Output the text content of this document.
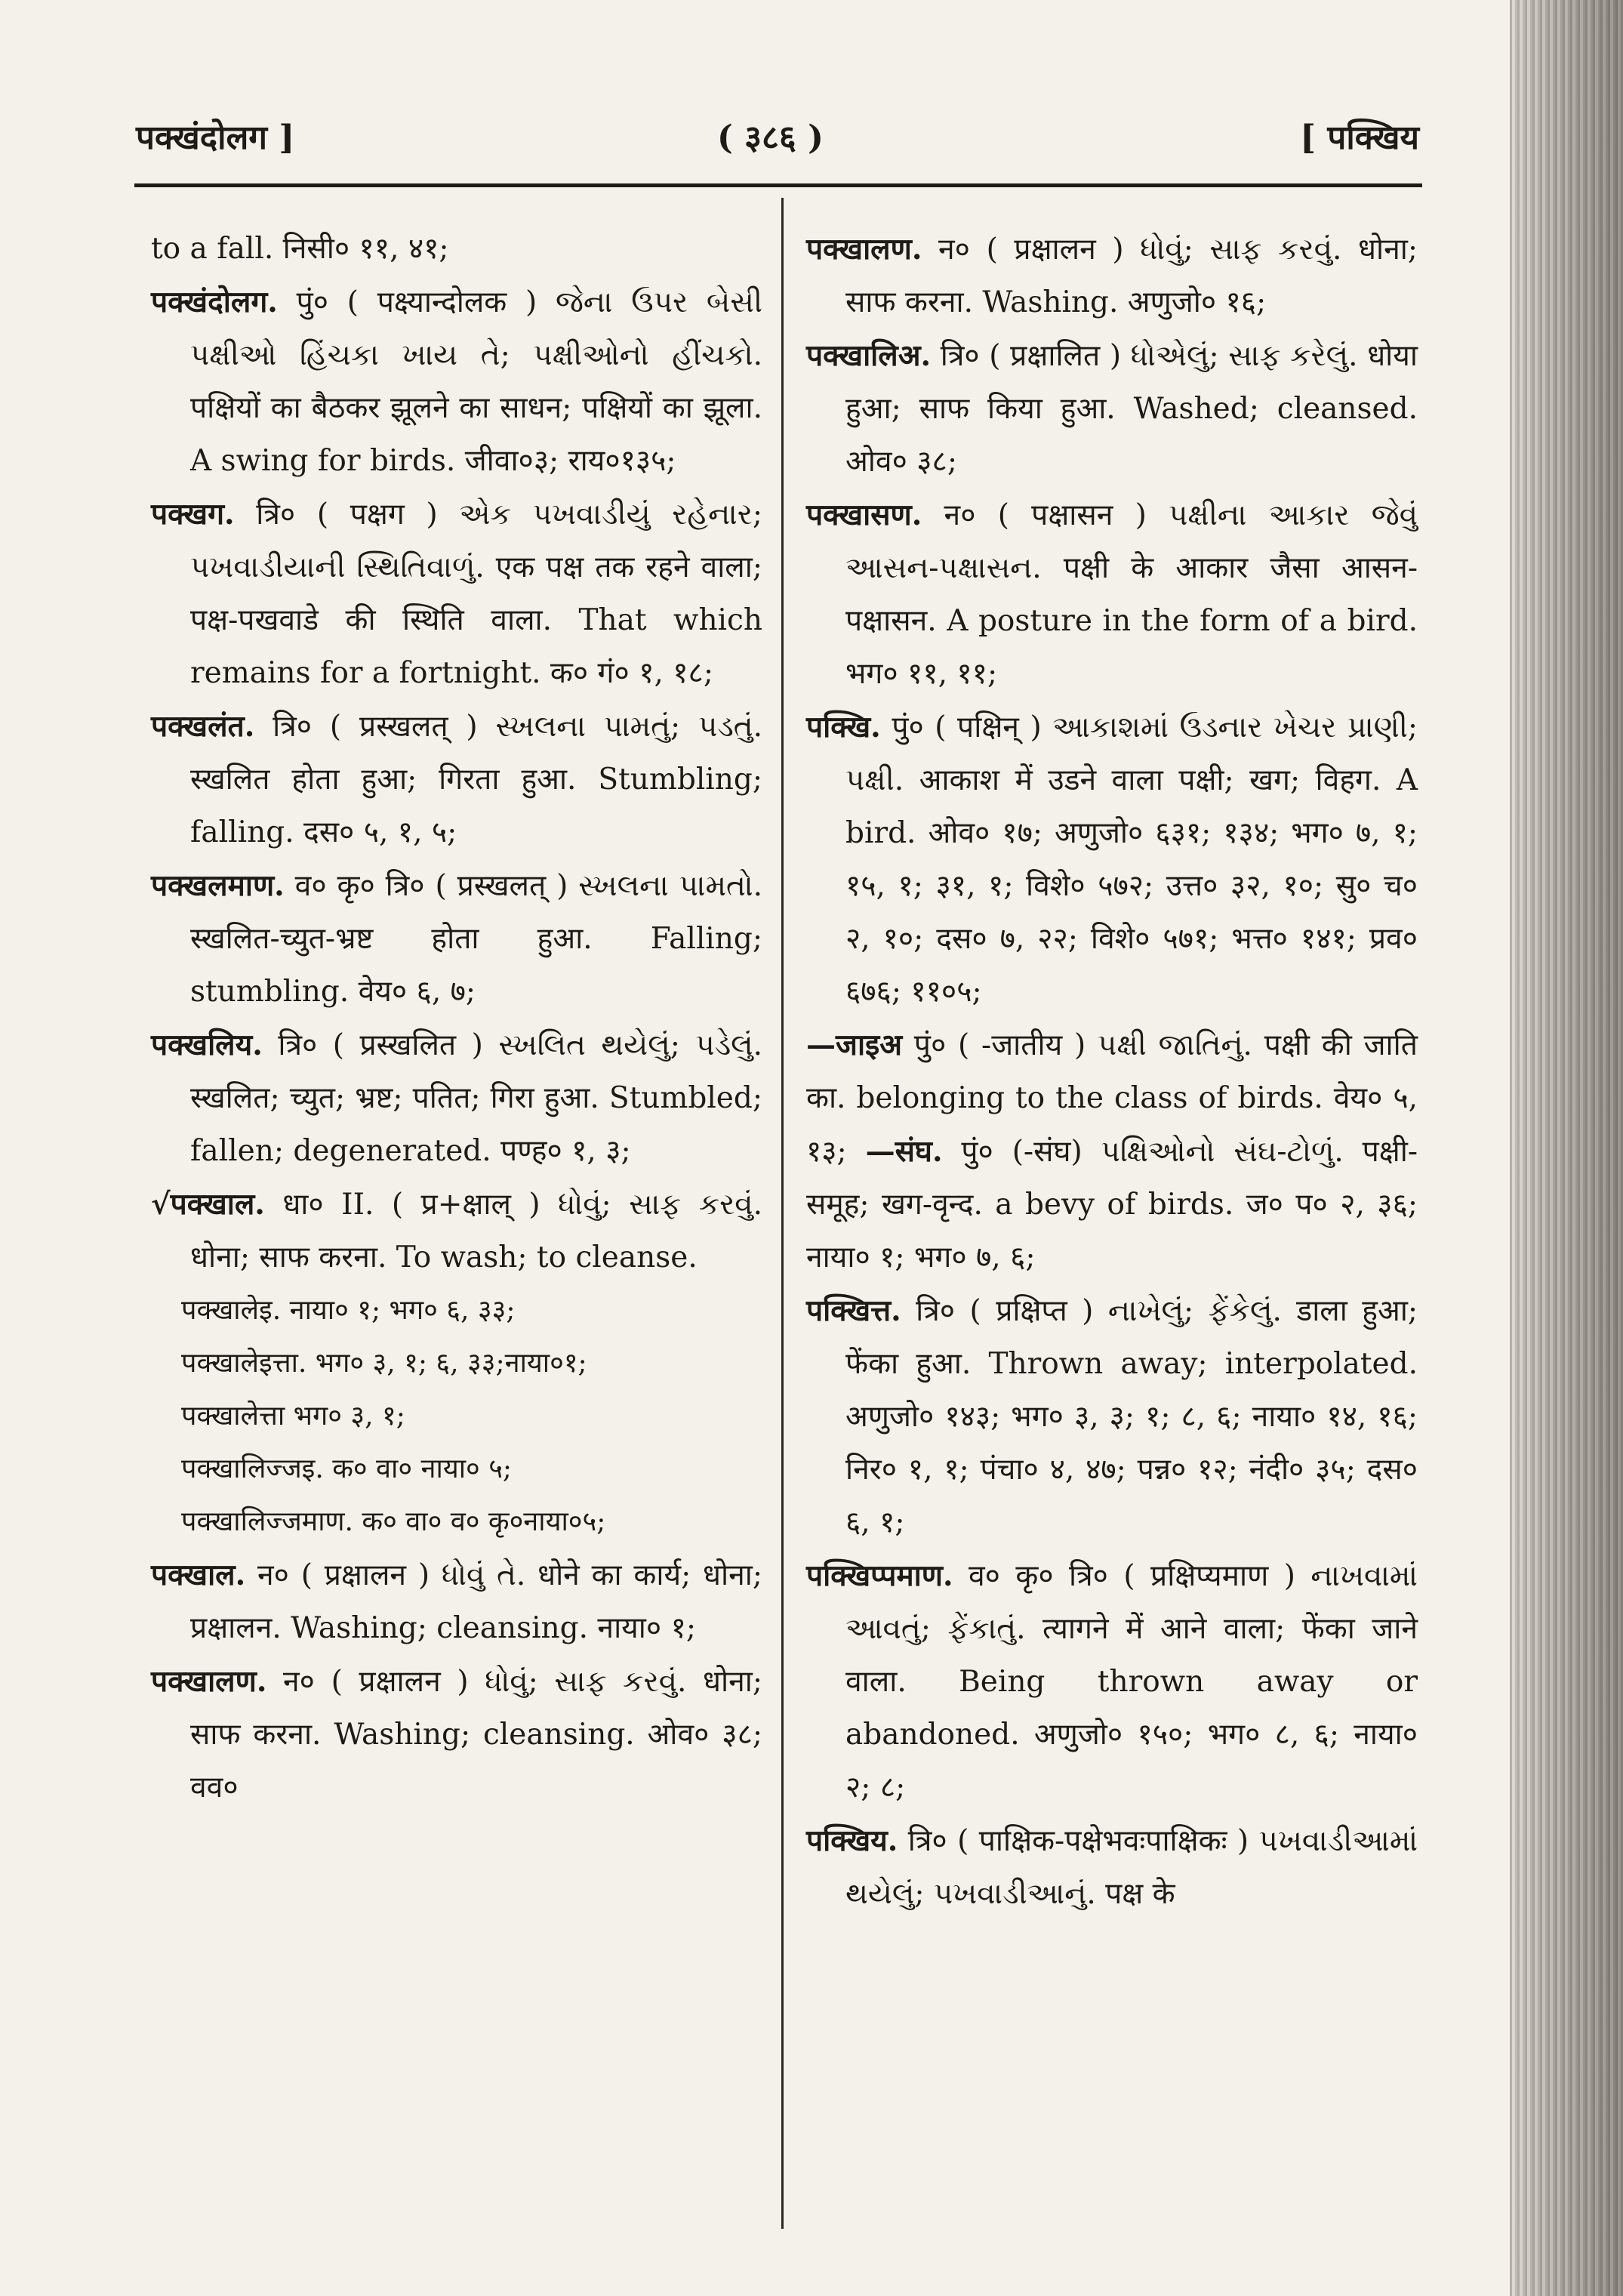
पक्खंदोलग ]	( ३८६ )	[ पक्खिय
to a fall. निसी० ११, ४१;
पक्खंदोलग. पुं० ( पक्ष्यान्दोलक ) જેના ઉપર બેસી પક્ષીઓ હિંચકા ખાય તે; પક્ષીઓનો હીંચકો. पक्षियों का बैठकर झूलने का साधन; पक्षियों का झूला. A swing for birds. जीवा०३; राय०१३५;
पक्खग. त्रि० ( पक्षग ) એક પખવાડીયું રહેનાર; પખવાડીયાની સ્થિતિવાળું. एक पक्ष तक रहने वाला; पक्ष-पखवाडे की स्थिति वाला. That which remains for a fortnight. क० गं० १, १८;
पक्खलंत. त्रि० ( प्रस्खलत् ) સ્ખલના પામતું; પડતું. स्खलित होता हुआ; गिरता हुआ. Stumbling; falling. दस० ५, १, ५;
पक्खलमाण. व० कृ० त्रि० ( प्रस्खलत् ) સ્ખલના પામતો. स्खलित-च्युत-भ्रष्ट होता हुआ. Falling; stumbling. वेय० ६, ७;
पक्खलिय. त्रि० ( प्रस्खलित ) સ્ખલિત થયેલું; પડેલું. स्खलित; च्युत; भ्रष्ट; पतित; गिरा हुआ. Stumbled; fallen; degenerated. पण्ह० १, ३;
√पक्खाल. धा० II. ( प्र+क्षाल् ) ધોવું; સાફ કરવું. धोना; साफ करना. To wash; to cleanse.
पक्खालेइ. नाया० १; भग० ६, ३३;
पक्खालेइत्ता. भग० ३, १; ६, ३३;नाया०१;
पक्खालेत्ता भग० ३, १;
पक्खालिज्जइ. क० वा० नाया० ५;
पक्खालिज्जमाण. क० वा० व० कृ०नाया०५;
पक्खाल. न० ( प्रक्षालन ) ધોવું તે. धोने का कार्य; धोना; प्रक्षालन. Washing; cleansing. नाया० १;
पक्खालण. न० ( प्रक्षालन ) ધોવું; સાફ કરવું. धोना; साफ करना. Washing; cleansing. ओव० ३८; वव०
पक्खालण. न० ( प्रक्षालन ) ધોવું; સાફ કરવું. धोना; साफ करना. Washing. अणुजो० १६;
पक्खालिअ. त्रि० ( प्रक्षालित ) ધોએલું; સાફ કરેલું. धोया हुआ; साफ किया हुआ. Washed; cleansed. ओव० ३८;
पक्खासण. न० ( पक्षासन ) પક્ષીના આકાર જેવું આસન-પક્ષાસન. पक्षी के आकार जैसा आसन-पक्षासन. A posture in the form of a bird. भग० ११, ११;
पक्खि. पुं० ( पक्षिन् ) આકાશમાં ઉડનાર ખેચર પ્રાણી; પક્ષી. आकाश में उडने वाला पक्षी; खग; विहग. A bird. ओव० १७; अणुजो० ६३१; १३४; भग० ७, १; १५, १; ३१, १; विशे० ५७२; उत्त० ३२, १०; सु० च० २, १०; दस० ७, २२; विशे० ५७१; भत्त० १४१; प्रव० ६७६; ११०५;
—जाइअ पुं० ( -जातीय ) પક્ષી જાતિનું. पक्षी की जाति का. belonging to the class of birds. वेय० ५, १३; —संघ. पुं० (-संघ) પક્ષિઓનો સંઘ-ટોળું. पक्षी-समूह; खग-वृन्द. a bevy of birds. ज० प० २, ३६; नाया० १; भग० ७, ६;
पक्खित्त. त्रि० ( प्रक्षिप्त ) નાખેલું; ફેંકેલું. डाला हुआ; फेंका हुआ. Thrown away; interpolated. अणुजो० १४३; भग० ३, ३; १; ८, ६; नाया० १४, १६; निर० १, १; पंचा० ४, ४७; पन्न० १२; नंदी० ३५; दस० ६, १;
पक्खिप्पमाण. व० कृ० त्रि० ( प्रक्षिप्यमाण ) નાખવામાં આવતું; ફેંકાતું. त्यागने में आने वाला; फेंका जाने वाला. Being thrown away or abandoned. अणुजो० १५०; भग० ८, ६; नाया० २; ८;
पक्खिय. त्रि० ( पाक्षिक-पक्षेभवःपाक्षिकः ) પખવાડીઆમાં થયેલું; પખવાડીઆનું. पक्ष के
